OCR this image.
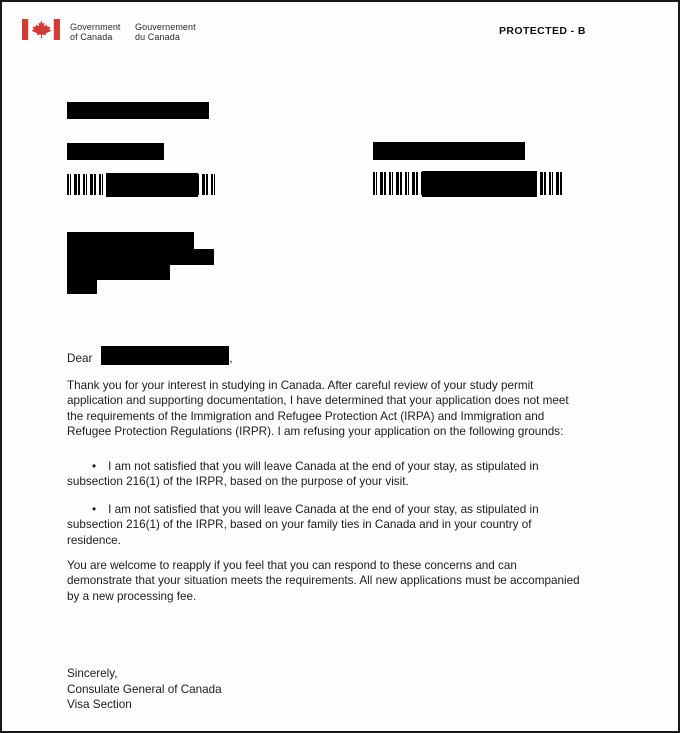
Government
of Canada
Gouvernement
du Canada	PROTECTED - B
Dear	,
Thank you for your interest in studying in Canada. After careful review of your study permit application and supporting documentation, I have determined that your application does not meet the requirements of the Immigration and Refugee Protection Act (IRPA) and Immigration and Refugee Protection Regulations (IRPR). I am refusing your application on the following grounds:
• I am not satisfied that you will leave Canada at the end of your stay, as stipulated in subsection 216(1) of the IRPR, based on the purpose of your visit.
• I am not satisfied that you will leave Canada at the end of your stay, as stipulated in subsection 216(1) of the IRPR, based on your family ties in Canada and in your country of residence.
You are welcome to reapply if you feel that you can respond to these concerns and can demonstrate that your situation meets the requirements. All new applications must be accompanied by a new processing fee.
Sincerely,
Consulate General of Canada
Visa Section
